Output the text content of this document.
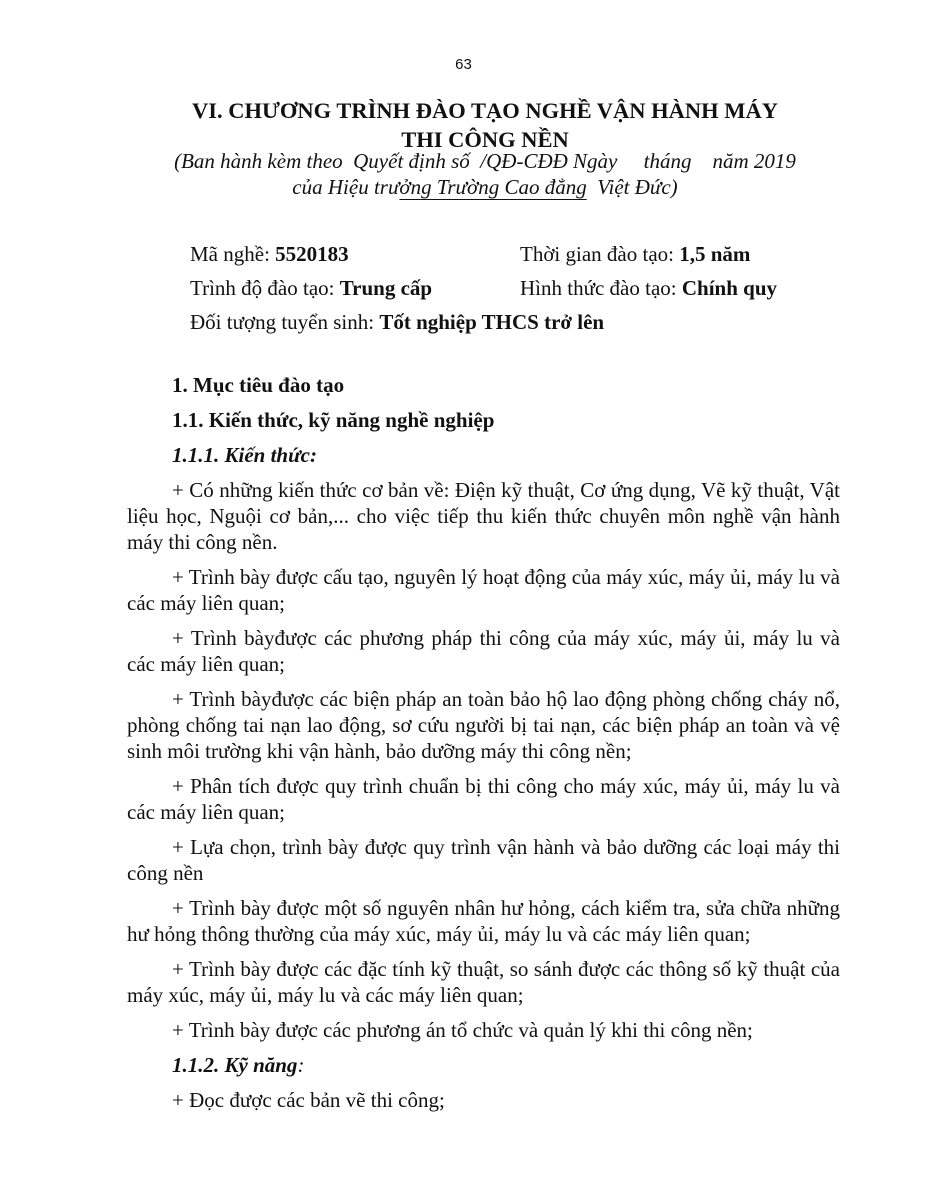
63
VI. CHƯƠNG TRÌNH ĐÀO TẠO NGHỀ VẬN HÀNH MÁY
THI CÔNG NỀN
(Ban hành kèm theo  Quyết định số  /QĐ-CĐĐ Ngày     tháng    năm 2019
của Hiệu trưởng Trường Cao đẳng  Việt Đức)
Mã nghề: 5520183	Thời gian đào tạo: 1,5 năm
Trình độ đào tạo: Trung cấp	Hình thức đào tạo: Chính quy
Đối tượng tuyển sinh: Tốt nghiệp THCS trở lên
1. Mục tiêu đào tạo
1.1. Kiến thức, kỹ năng nghề nghiệp
1.1.1. Kiến thức:

+ Có những kiến thức cơ bản về: Điện kỹ thuật, Cơ ứng dụng, Vẽ kỹ thuật, Vật liệu học, Nguội cơ bản,... cho việc tiếp thu kiến thức chuyên môn nghề vận hành máy thi công nền.

+ Trình bày được cấu tạo, nguyên lý hoạt động của máy xúc, máy ủi, máy lu và các máy liên quan;

+ Trình bàyđược các phương pháp thi công của máy xúc, máy ủi, máy lu và các máy liên quan;

+ Trình bàyđược các biện pháp an toàn bảo hộ lao động phòng chống cháy nổ, phòng chống tai nạn lao động, sơ cứu người bị tai nạn, các biện pháp an toàn và vệ sinh môi trường khi vận hành, bảo dưỡng máy thi công nền;

+ Phân tích được quy trình chuẩn bị thi công cho máy xúc, máy ủi, máy lu và các máy liên quan;

+ Lựa chọn, trình bày được quy trình vận hành và bảo dưỡng các loại máy thi công nền

+ Trình bày được một số nguyên nhân hư hỏng, cách kiểm tra, sửa chữa những hư hỏng thông thường của máy xúc, máy ủi, máy lu và các máy liên quan;

+ Trình bày được các đặc tính kỹ thuật, so sánh được các thông số kỹ thuật của máy xúc, máy ủi, máy lu và các máy liên quan;

+ Trình bày được các phương án tổ chức và quản lý khi thi công nền;

1.1.2. Kỹ năng:

+ Đọc được các bản vẽ thi công;
